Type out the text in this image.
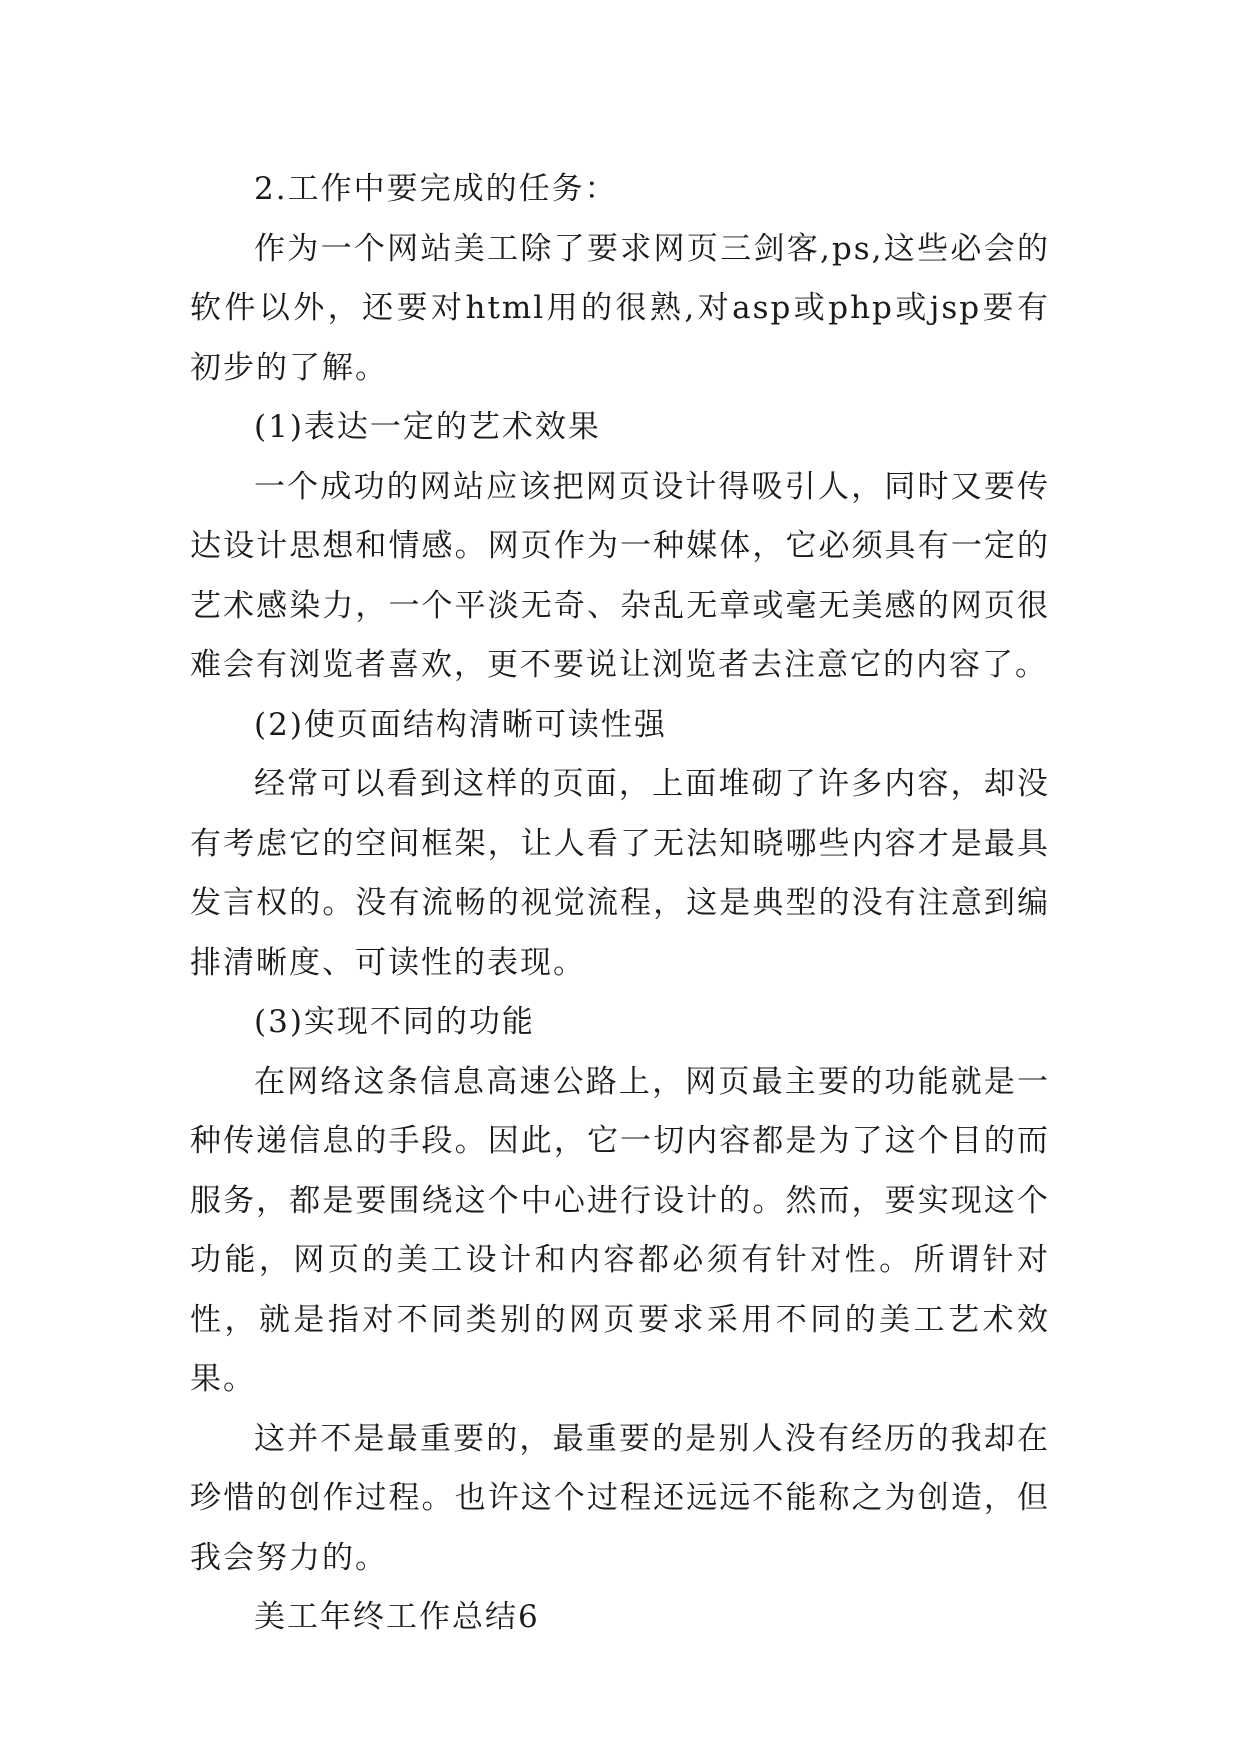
2.工作中要完成的任务：

作为一个网站美工除了要求网页三剑客,ps,这些必会的软件以外，还要对html用的很熟,对asp或php或jsp要有初步的了解。

(1)表达一定的艺术效果

一个成功的网站应该把网页设计得吸引人，同时又要传达设计思想和情感。网页作为一种媒体，它必须具有一定的艺术感染力，一个平淡无奇、杂乱无章或毫无美感的网页很难会有浏览者喜欢，更不要说让浏览者去注意它的内容了。

(2)使页面结构清晰可读性强

经常可以看到这样的页面，上面堆砌了许多内容，却没有考虑它的空间框架，让人看了无法知晓哪些内容才是最具发言权的。没有流畅的视觉流程，这是典型的没有注意到编排清晰度、可读性的表现。

(3)实现不同的功能

在网络这条信息高速公路上，网页最主要的功能就是一种传递信息的手段。因此，它一切内容都是为了这个目的而服务，都是要围绕这个中心进行设计的。然而，要实现这个功能，网页的美工设计和内容都必须有针对性。所谓针对性，就是指对不同类别的网页要求采用不同的美工艺术效果。

这并不是最重要的，最重要的是别人没有经历的我却在珍惜的创作过程。也许这个过程还远远不能称之为创造，但我会努力的。

美工年终工作总结6
